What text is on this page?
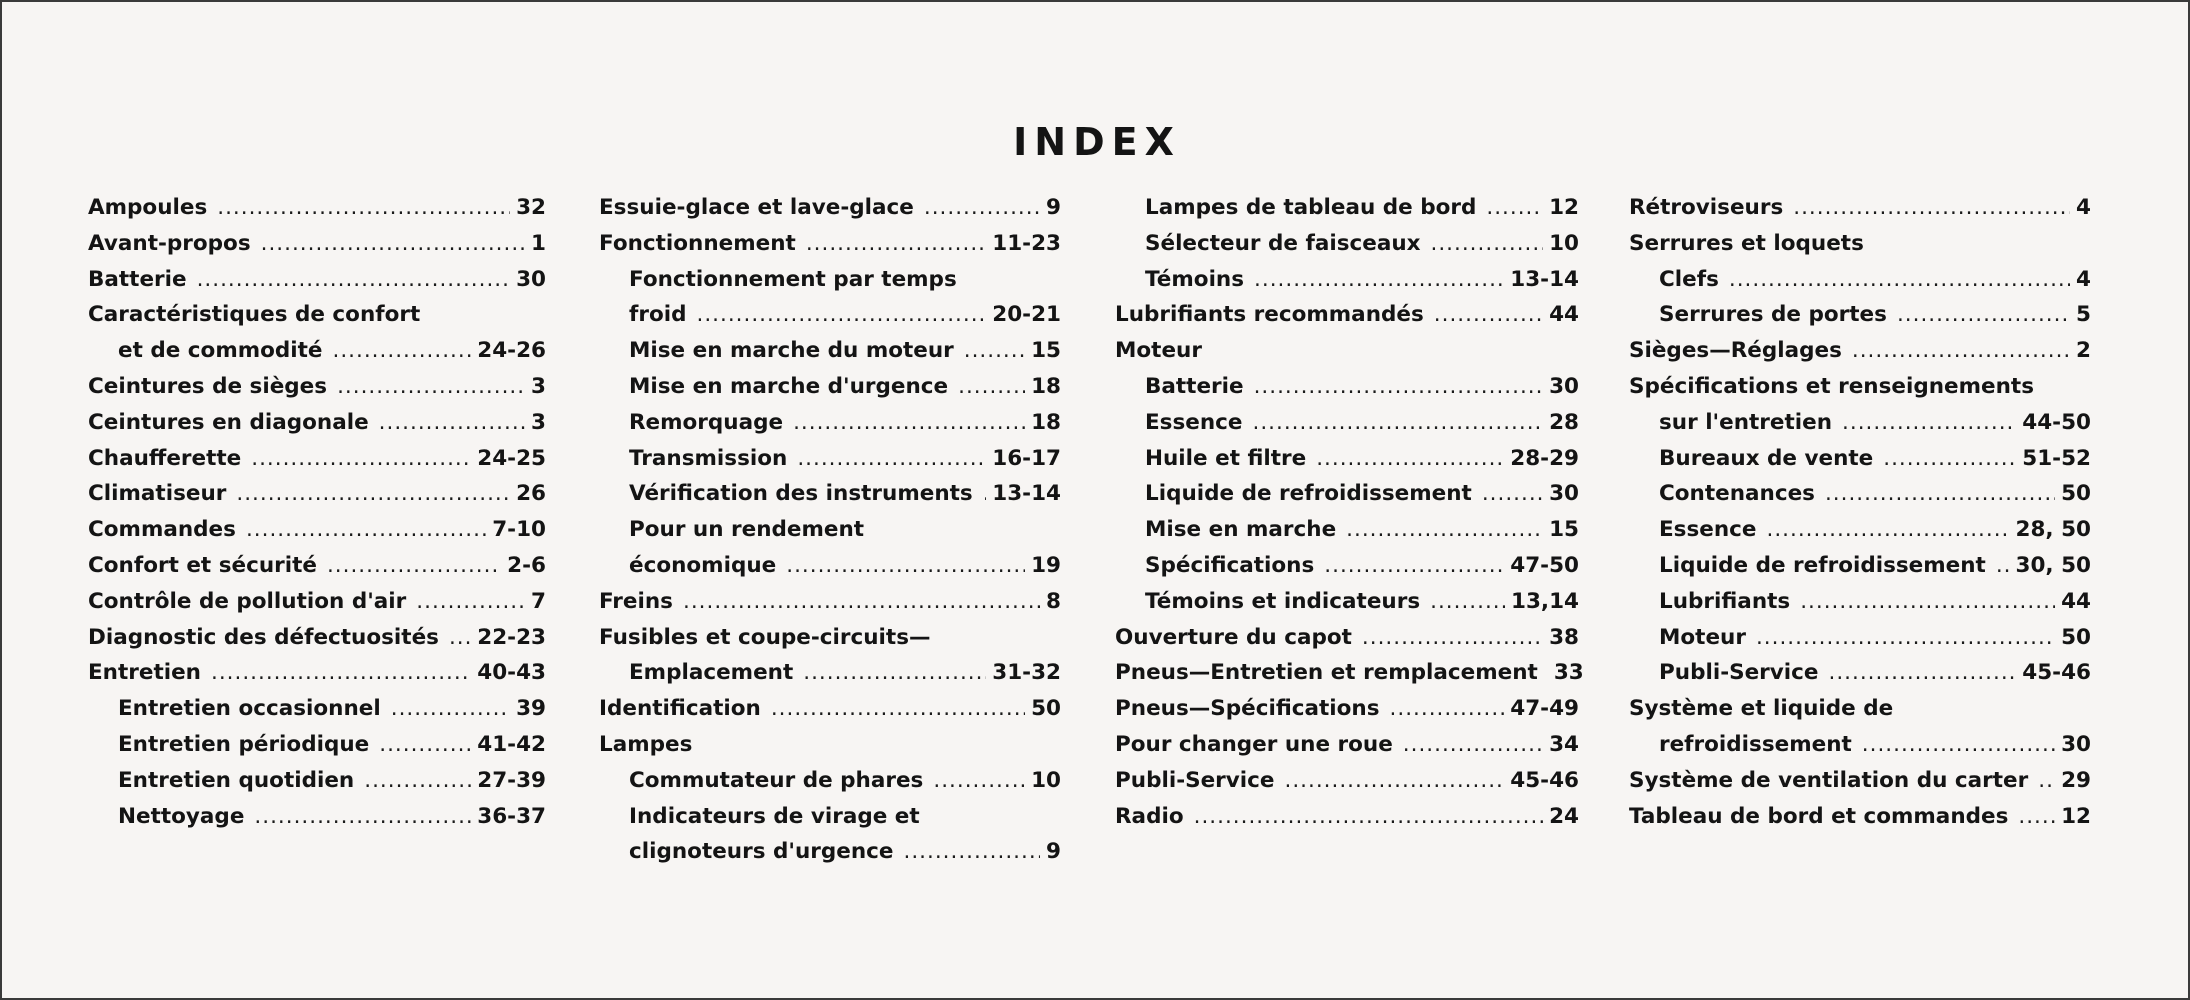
INDEX
Ampoules .....	32
Avant-propos .....	1
Batterie .....	30
Caractéristiques de confort
et de commodité .....	24-26
Ceintures de sièges .....	3
Ceintures en diagonale .....	3
Chaufferette .....	24-25
Climatiseur .....	26
Commandes .....	7-10
Confort et sécurité .....	2-6
Contrôle de pollution d'air .....	7
Diagnostic des défectuosités ..... 22-23
Entretien .....	40-43
Entretien occasionnel .....	39
Entretien périodique .....	41-42
Entretien quotidien .....	27-39
Nettoyage .....	36-37
Essuie-glace et lave-glace .....	9
Fonctionnement .....	11-23
Fonctionnement par temps
froid .....	20-21
Mise en marche du moteur .....	15
Mise en marche d'urgence .....	18
Remorquage .....	18
Transmission .....	16-17
Vérification des instruments ..... 13-14
Pour un rendement
économique .....	19
Freins .....	8
Fusibles et coupe-circuits—
Emplacement .....	31-32
Identification .....	50
Lampes
Commutateur de phares .....	10
Indicateurs de virage et
clignoteurs d'urgence .....	9
Lampes de tableau de bord .....	12
Sélecteur de faisceaux .....	10
Témoins .....	13-14
Lubrifiants recommandés .....	44
Moteur
Batterie .....	30
Essence .....	28
Huile et filtre .....	28-29
Liquide de refroidissement .....	30
Mise en marche .....	15
Spécifications .....	47-50
Témoins et indicateurs .....	13,14
Ouverture du capot .....	38
Pneus—Entretien et remplacement 33
Pneus—Spécifications .....	47-49
Pour changer une roue .....	34
Publi-Service .....	45-46
Radio .....	24
Rétroviseurs .....	4
Serrures et loquets
Clefs .....	4
Serrures de portes .....	5
Sièges—Réglages .....	2
Spécifications et renseignements
sur l'entretien .....	44-50
Bureaux de vente .....	51-52
Contenances .....	50
Essence .....	28, 50
Liquide de refroidissement ..... 30, 50
Lubrifiants .....	44
Moteur .....	50
Publi-Service .....	45-46
Système et liquide de
refroidissement .....	30
Système de ventilation du carter ..... 29
Tableau de bord et commandes ..... 12
